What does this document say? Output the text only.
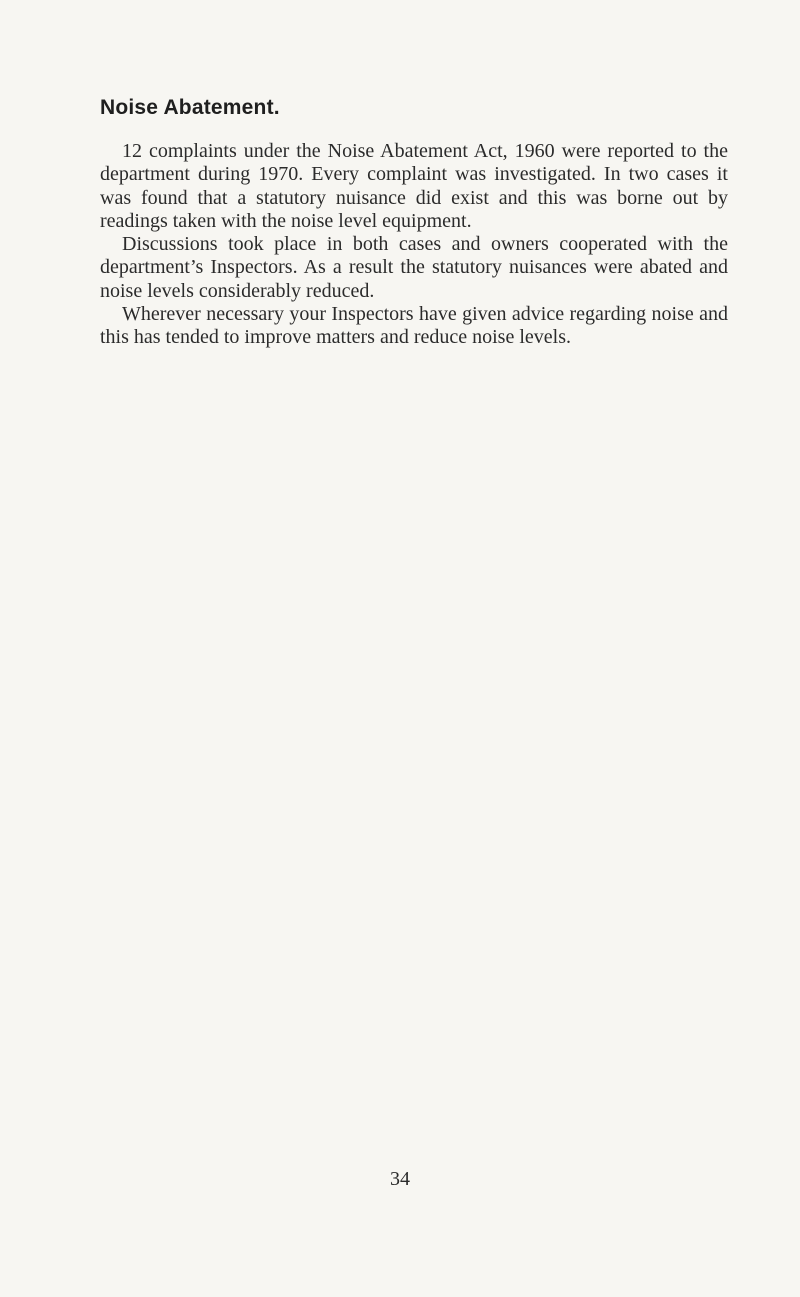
Noise Abatement.

12 complaints under the Noise Abatement Act, 1960 were reported to the department during 1970. Every complaint was investigated. In two cases it was found that a statutory nuisance did exist and this was borne out by readings taken with the noise level equipment.

Discussions took place in both cases and owners cooperated with the department’s Inspectors. As a result the statutory nuisances were abated and noise levels considerably reduced.

Wherever necessary your Inspectors have given advice regarding noise and this has tended to improve matters and reduce noise levels.

34
